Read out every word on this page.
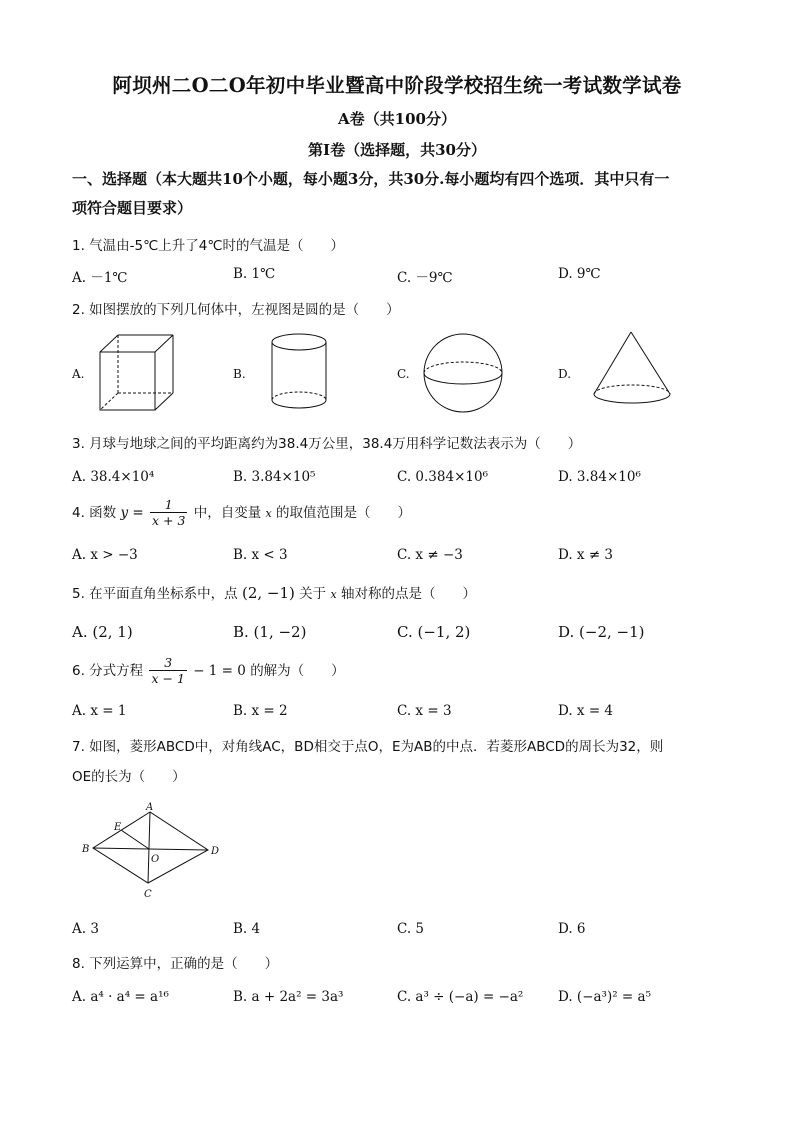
阿坝州二O二O年初中毕业暨高中阶段学校招生统一考试数学试卷
A卷（共100分）
第Ⅰ卷（选择题，共30分）
一、选择题（本大题共10个小题，每小题3分，共30分.每小题均有四个选项．其中只有一
项符合题目要求）
1. 气温由-5℃上升了4℃时的气温是（　　）
A. －1℃	B. 1℃	C. －9℃	D. 9℃
2. 如图摆放的下列几何体中，左视图是圆的是（　　）
A.	B.	C.	D.
3. 月球与地球之间的平均距离约为38.4万公里，38.4万用科学记数法表示为（　　）
A. 38.4×10⁴	B. 3.84×10⁵	C. 0.384×10⁶	D. 3.84×10⁶
4. 函数 $y = \frac{1}{x + 3}$ 中，自变量 x 的取值范围是（　　）
A. x > −3	B. x < 3	C. x ≠ −3	D. x ≠ 3
5. 在平面直角坐标系中，点 (2, −1) 关于 x 轴对称的点是（　　）
A. (2, 1)	B. (1, −2)	C. (−1, 2)	D. (−2, −1)
6. 分式方程 $\frac{3}{x - 1} - 1 = 0$ 的解为（　　）
A. x = 1	B. x = 2	C. x = 3	D. x = 4
7. 如图，菱形ABCD中，对角线AC，BD相交于点O，E为AB的中点．若菱形ABCD的周长为32，则
OE的长为（　　）
A
B
C
D
E
O
A. 3	B. 4	C. 5	D. 6
8. 下列运算中，正确的是（　　）
A. a⁴ · a⁴ = a¹⁶	B. a + 2a² = 3a³	C. a³ ÷ (−a) = −a²	D. (−a³)² = a⁵
